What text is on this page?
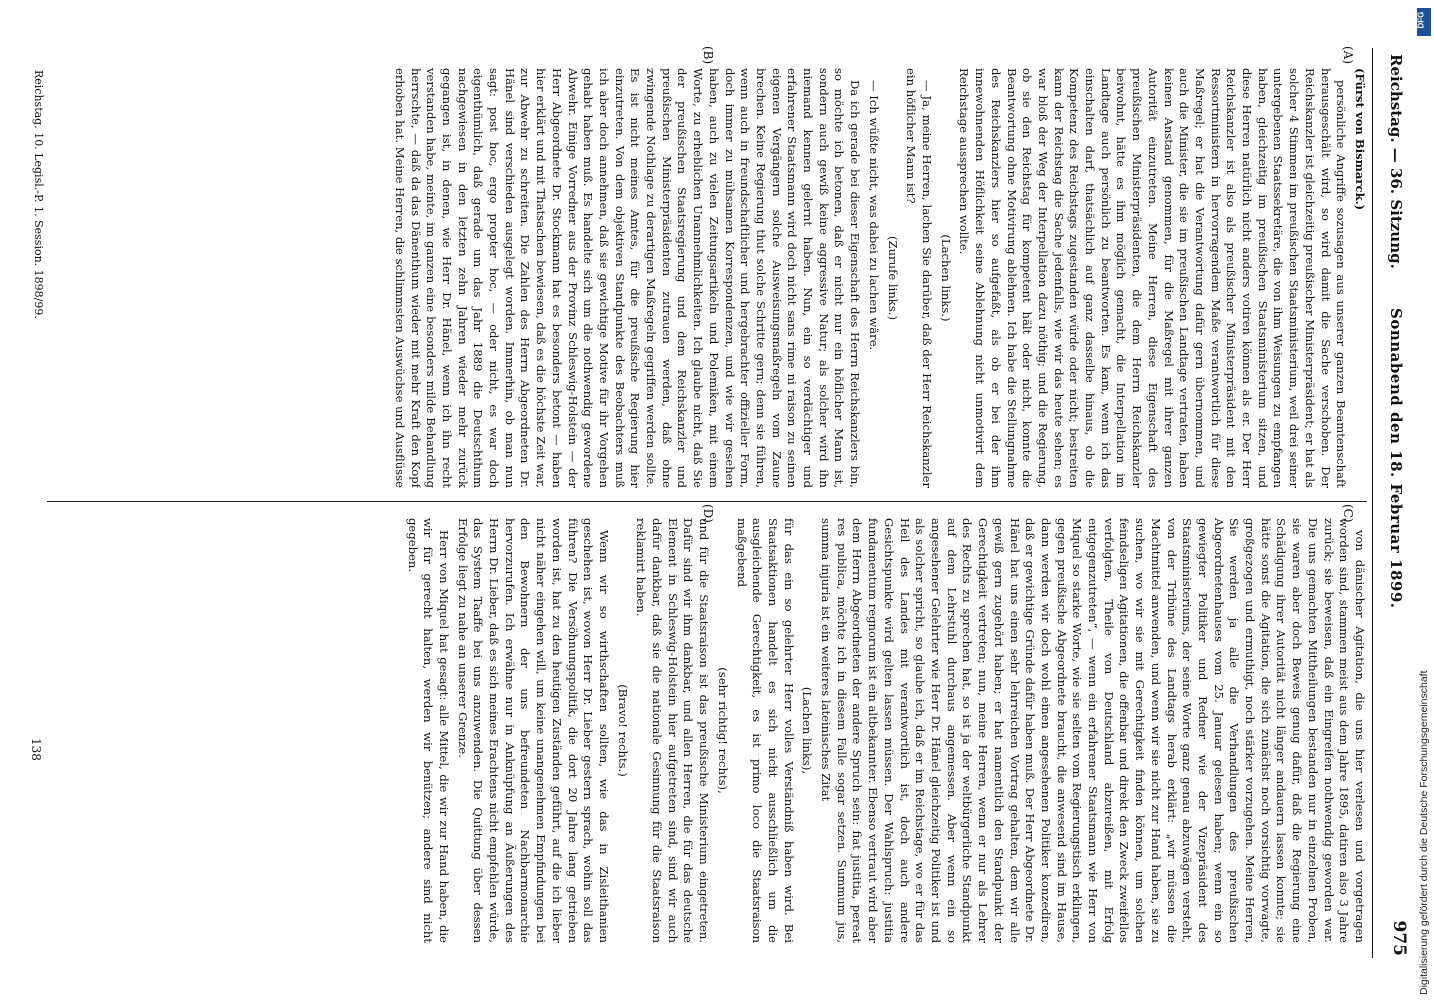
Reichstag. — 36. Sitzung.
Sonnabend den 18. Februar 1899.
975
(A)
(B)
(C)
(D)

(Fürst von Bismarck.)

persönliche Angriffe sozusagen aus unserer ganzen Beamtenschaft herausgeschält wird, so wird damit die Sache verschoben. Der Reichskanzler ist gleichzeitig preußischer Ministerpräsident; er hat als solcher 4 Stimmen im preußischen Staatsministerium, weil drei seiner untergebenen Staatssekretäre, die von ihm Weisungen zu empfangen haben, gleichzeitig im preußischen Staatsministerium sitzen, und diese Herren natürlich nicht anders votiren können als er. Der Herr Reichskanzler ist also als preußischer Ministerpräsident mit den Ressortministern in hervorragendem Maße verantwortlich für diese Maßregel; er hat die Verantwortung dafür gern übernommen, und auch die Minister, die sie im preußischen Landtage vertraten, haben keinen Anstand genommen, für die Maßregel mit ihrer ganzen Autorität einzutreten. Meine Herren, diese Eigenschaft des preußischen Ministerpräsidenten, die dem Herrn Reichskanzler beiwohnt, hätte es ihm möglich gemacht, die Interpellation im Landtage auch persönlich zu beantworten. Es kam, wenn ich das einschalten darf, thatsächlich auf ganz dasselbe hinaus, ob die Kompetenz des Reichstags zugestanden würde oder nicht; bestreiten kann der Reichstag die Sache jedenfalls, wie wir das heute sehen; es war bloß der Weg der Interpellation dazu nöthig; und die Regierung, ob sie den Reichstag für kompetent hält oder nicht, konnte die Beantwortung ohne Motivirung ablehnen. Ich habe die Stellungnahme des Reichskanzlers hier so aufgefaßt, als ob er bei der ihm innewohnenden Höflichkeit seine Ablehnung nicht unmotivirt dem Reichstage aussprechen wollte.

(Lachen links.)

— Ja, meine Herren, lachen Sie darüber, daß der Herr Reichskanzler ein höflicher Mann ist?

(Zurufe links.)

— Ich wüßte nicht, was dabei zu lachen wäre.

Da ich gerade bei dieser Eigenschaft des Herrn Reichskanzlers bin, so möchte ich betonen, daß er nicht nur ein höflicher Mann ist, sondern auch gewiß keine aggressive Natur; als solcher wird ihn niemand kennen gelernt haben. Nun, ein so verdächtiger und erfahrener Staatsmann wird doch nicht sans rime ni raison zu seinen eigenen Vergängern solche Ausweisungsmaßregeln vom Zaune brechen. Keine Regierung thut solche Schritte gern; denn sie führen, wenn auch in freundschaftlicher und hergebrachter offizieller Form, doch immer zu mühsamen Korrespondenzen, und wie wir gesehen haben, auch zu vielen Zeitungsartikeln und Polemiken, mit einem Worte, zu erheblichen Unannehmlichkeiten. Ich glaube nicht, daß Sie der preußischen Staatsregierung und dem Reichskanzler und preußischen Ministerpräsidenten zutrauen werden, daß ohne zwingende Nothlage zu derartigen Maßregeln gegriffen werden sollte. Es ist nicht meines Amtes, für die preußische Regierung hier einzutreten. Von dem objektiven Standpunkte des Beobachters muß ich aber doch annehmen, daß sie gewichtige Motive für ihr Vorgehen gehabt haben muß. Es handelte sich um die nothwendig gewordene Abwehr. Einige Vorredner aus der Provinz Schleswig-Holstein — der Herr Abgeordnete Dr. Stockmann hat es besonders betont — haben hier erklärt und mit Thatsachen bewiesen, daß es die höchste Zeit war, zur Abwehr zu schreiten. Die Zahlen des Herrn Abgeordneten Dr. Hänel sind verschieden ausgelegt worden. Immerhin, ob man nun sagt: post hoc, ergo propter hoc, — oder nicht, es war doch eigenthümlich, daß gerade um das Jahr 1889 die Deutschthum nachgewiesen in den letzten zehn Jahren wieder mehr zurück gegangen ist, in denen, wie Herr Dr. Hänel, wenn ich ihn recht verstanden habe, meinte, im ganzen eine besonders milde Behandlung herrschte, — daß da das Dänenthum wieder mit mehr Kraft den Kopf erhoben hat. Meine Herren, die schlimmsten Auswüchse und Ausflüsse

von dänischer Agitation, die uns hier verlesen und vorgetragen worden sind, stammen meist aus dem Jahre 1895, datiren also 3 Jahre zurück; sie beweisen, daß ein Eingreifen nothwendig geworden war. Die uns gemachten Mittheilungen bestanden nur in einzelnen Proben, sie waren aber doch Beweis genug dafür, daß die Regierung eine Schädigung ihrer Autorität nicht länger andauern lassen konnte; sie hätte sonst die Agitation, die sich zunächst noch vorsichtig vorwagte, großgezogen und ermuthigt, noch stärker vorzugehen. Meine Herren, Sie werden ja alle die Verhandlungen des preußischen Abgeordnetenhauses vom 25. Januar gelesen haben; wenn ein so gewiegter Politiker und Redner wie der Vizepräsident des Staatsministeriums, der seine Worte ganz genau abzuwägen versteht, von der Tribüne des Landtags herab erklärt: „wir müssen die Machtmittel anwenden, und wenn wir sie nicht zur Hand haben, sie zu suchen, wo wir sie mit Gerechtigkeit finden können, um solchen feindseligen Agitationen, die offenbar und direkt den Zweck zweifellos verfolgten, Theile von Deutschland abzureißen, mit Erfolg entgegenzutreten“, — wenn ein erfahrener Staatsmann wie Herr von Miquel so starke Worte, wie sie selten vom Regierungstisch erklingen, gegen preußische Abgeordnete braucht, die anwesend sind im Hause, dann werden wir doch wohl einen angesehenen Politiker konzediren, daß er gewichtige Gründe dafür haben muß. Der Herr Abgeordnete Dr. Hänel hat uns einen sehr lehrreichen Vortrag gehalten, dem wir alle gewiß gern zugehört haben; er hat namentlich den Standpunkt der Gerechtigkeit vertreten; nun, meine Herren, wenn er nur als Lehrer des Rechts zu sprechen hat, so ist ja der weltbürgerliche Standpunkt auf dem Lehrstuhl durchaus angemessen. Aber wenn ein so angesehener Gelehrter wie Herr Dr. Hänel gleichzeitig Politiker ist und als solcher spricht, so glaube ich, daß er im Reichstage, wo er für das Heil des Landes mit verantwortlich ist, doch auch andere Gesichtspunkte wird gelten lassen müssen. Der Wahlspruch: justitia fundamentum regnorum ist ein altbekannter. Ebenso vertraut wird aber dem Herrn Abgeordneten der andere Spruch sein: fiat justitia, pereat res publica, möchte ich in diesem Falle sogar setzen. Summum jus, summa injuria ist ein weiteres lateinisches Zitat

(Lachen links),

für das ein so gelehrter Herr volles Verständniß haben wird. Bei Staatsaktionen handelt es sich nicht ausschließlich um die ausgleichende Gerechtigkeit, es ist primo loco die Staatsraison maßgebend

(sehr richtig! rechts),

und für die Staatsraison ist das preußische Ministerium eingetreten. Dafür sind wir ihm dankbar, und allen Herren, die für das deutsche Element in Schleswig-Holstein hier aufgetreten sind, sind wir auch dafür dankbar, daß sie die nationale Gesinnung für die Staatsraison reklamirt haben.

(Bravo! rechts.)

Wenn wir so wirthschaften sollten, wie das in Zisleithanien geschehen ist, wovon Herr Dr. Lieber gestern sprach, wohin soll das führen? Die Versöhnungspolitik, die dort 20 Jahre lang getrieben worden ist, hat zu den heutigen Zuständen geführt, auf die ich lieber nicht näher eingehen will, um keine unangenehmen Empfindungen bei den Bewohnern der uns befreundeten Nachbarmonarchie hervorzurufen. Ich erwähne nur in Anknüpfung an Äußerungen des Herrn Dr. Lieber, daß es sich meines Erachtens nicht empfehlen würde, das System Taaffe bei uns anzuwenden. Die Quittung über dessen Erfolge liegt zu nahe an unserer Grenze.

Herr von Miquel hat gesagt: alle Mittel, die wir zur Hand haben, die wir für gerecht halten, werden wir benützen; andere sind nicht gegeben.

Reichstag. 10. Legisl.-P. 1. Session. 1898/99.
138	Digitalisierung gefördert durch die Deutsche Forschungsgemeinschaft
DFG
